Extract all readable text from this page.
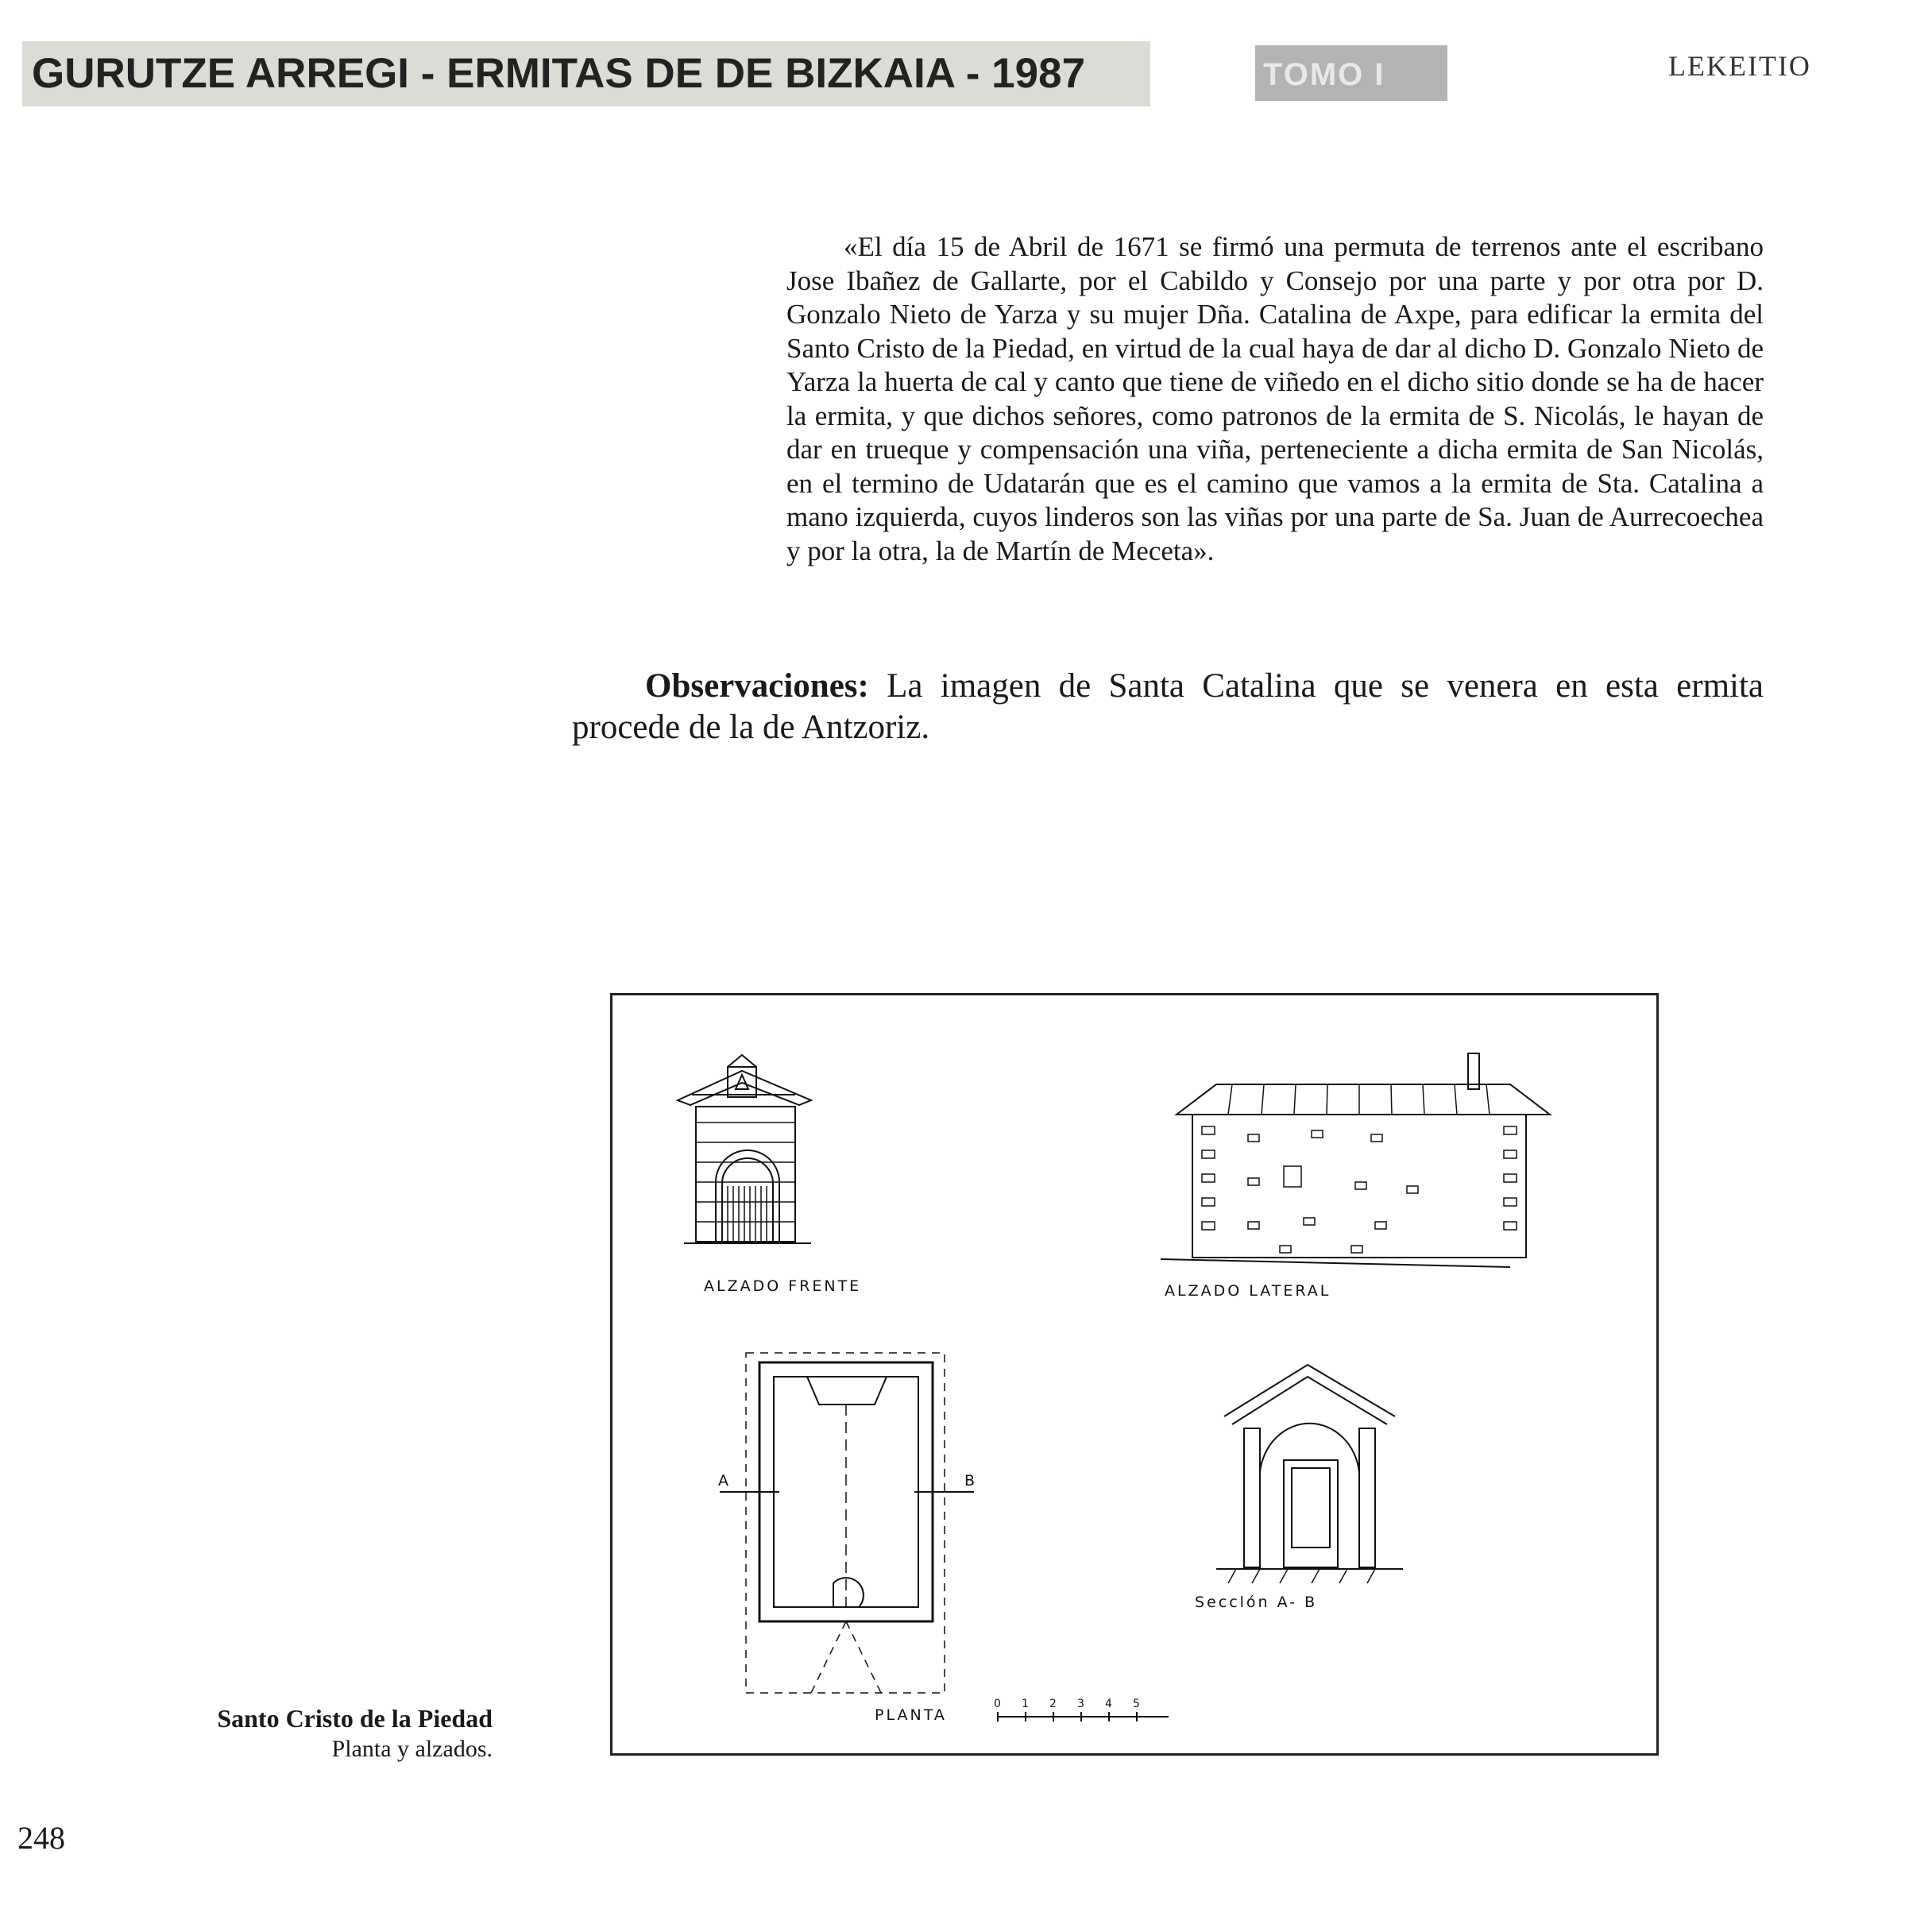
GURUTZE ARREGI - ERMITAS DE DE BIZKAIA - 1987	TOMO I	LEKEITIO

«El día 15 de Abril de 1671 se firmó una permuta de terrenos ante el escribano Jose Ibañez de Gallarte, por el Cabildo y Consejo por una parte y por otra por D. Gonzalo Nieto de Yarza y su mujer Dña. Catalina de Axpe, para edificar la ermita del Santo Cristo de la Piedad, en virtud de la cual haya de dar al dicho D. Gonzalo Nieto de Yarza la huerta de cal y canto que tiene de viñedo en el dicho sitio donde se ha de hacer la ermita, y que dichos señores, como patronos de la ermita de S. Nicolás, le hayan de dar en trueque y compensación una viña, perteneciente a dicha ermita de San Nicolás, en el termino de Udatarán que es el camino que vamos a la ermita de Sta. Catalina a mano izquierda, cuyos linderos son las viñas por una parte de Sa. Juan de Aurrecoechea y por la otra, la de Martín de Meceta».

Observaciones: La imagen de Santa Catalina que se venera en esta ermita procede de la de Antzoriz.

ALZADO FRENTE	ALZADO LATERAL
Secclón A- B
PLANTA
A	B
0 1 2 3 4 5
Santo Cristo de la Piedad
Planta y alzados.
248
